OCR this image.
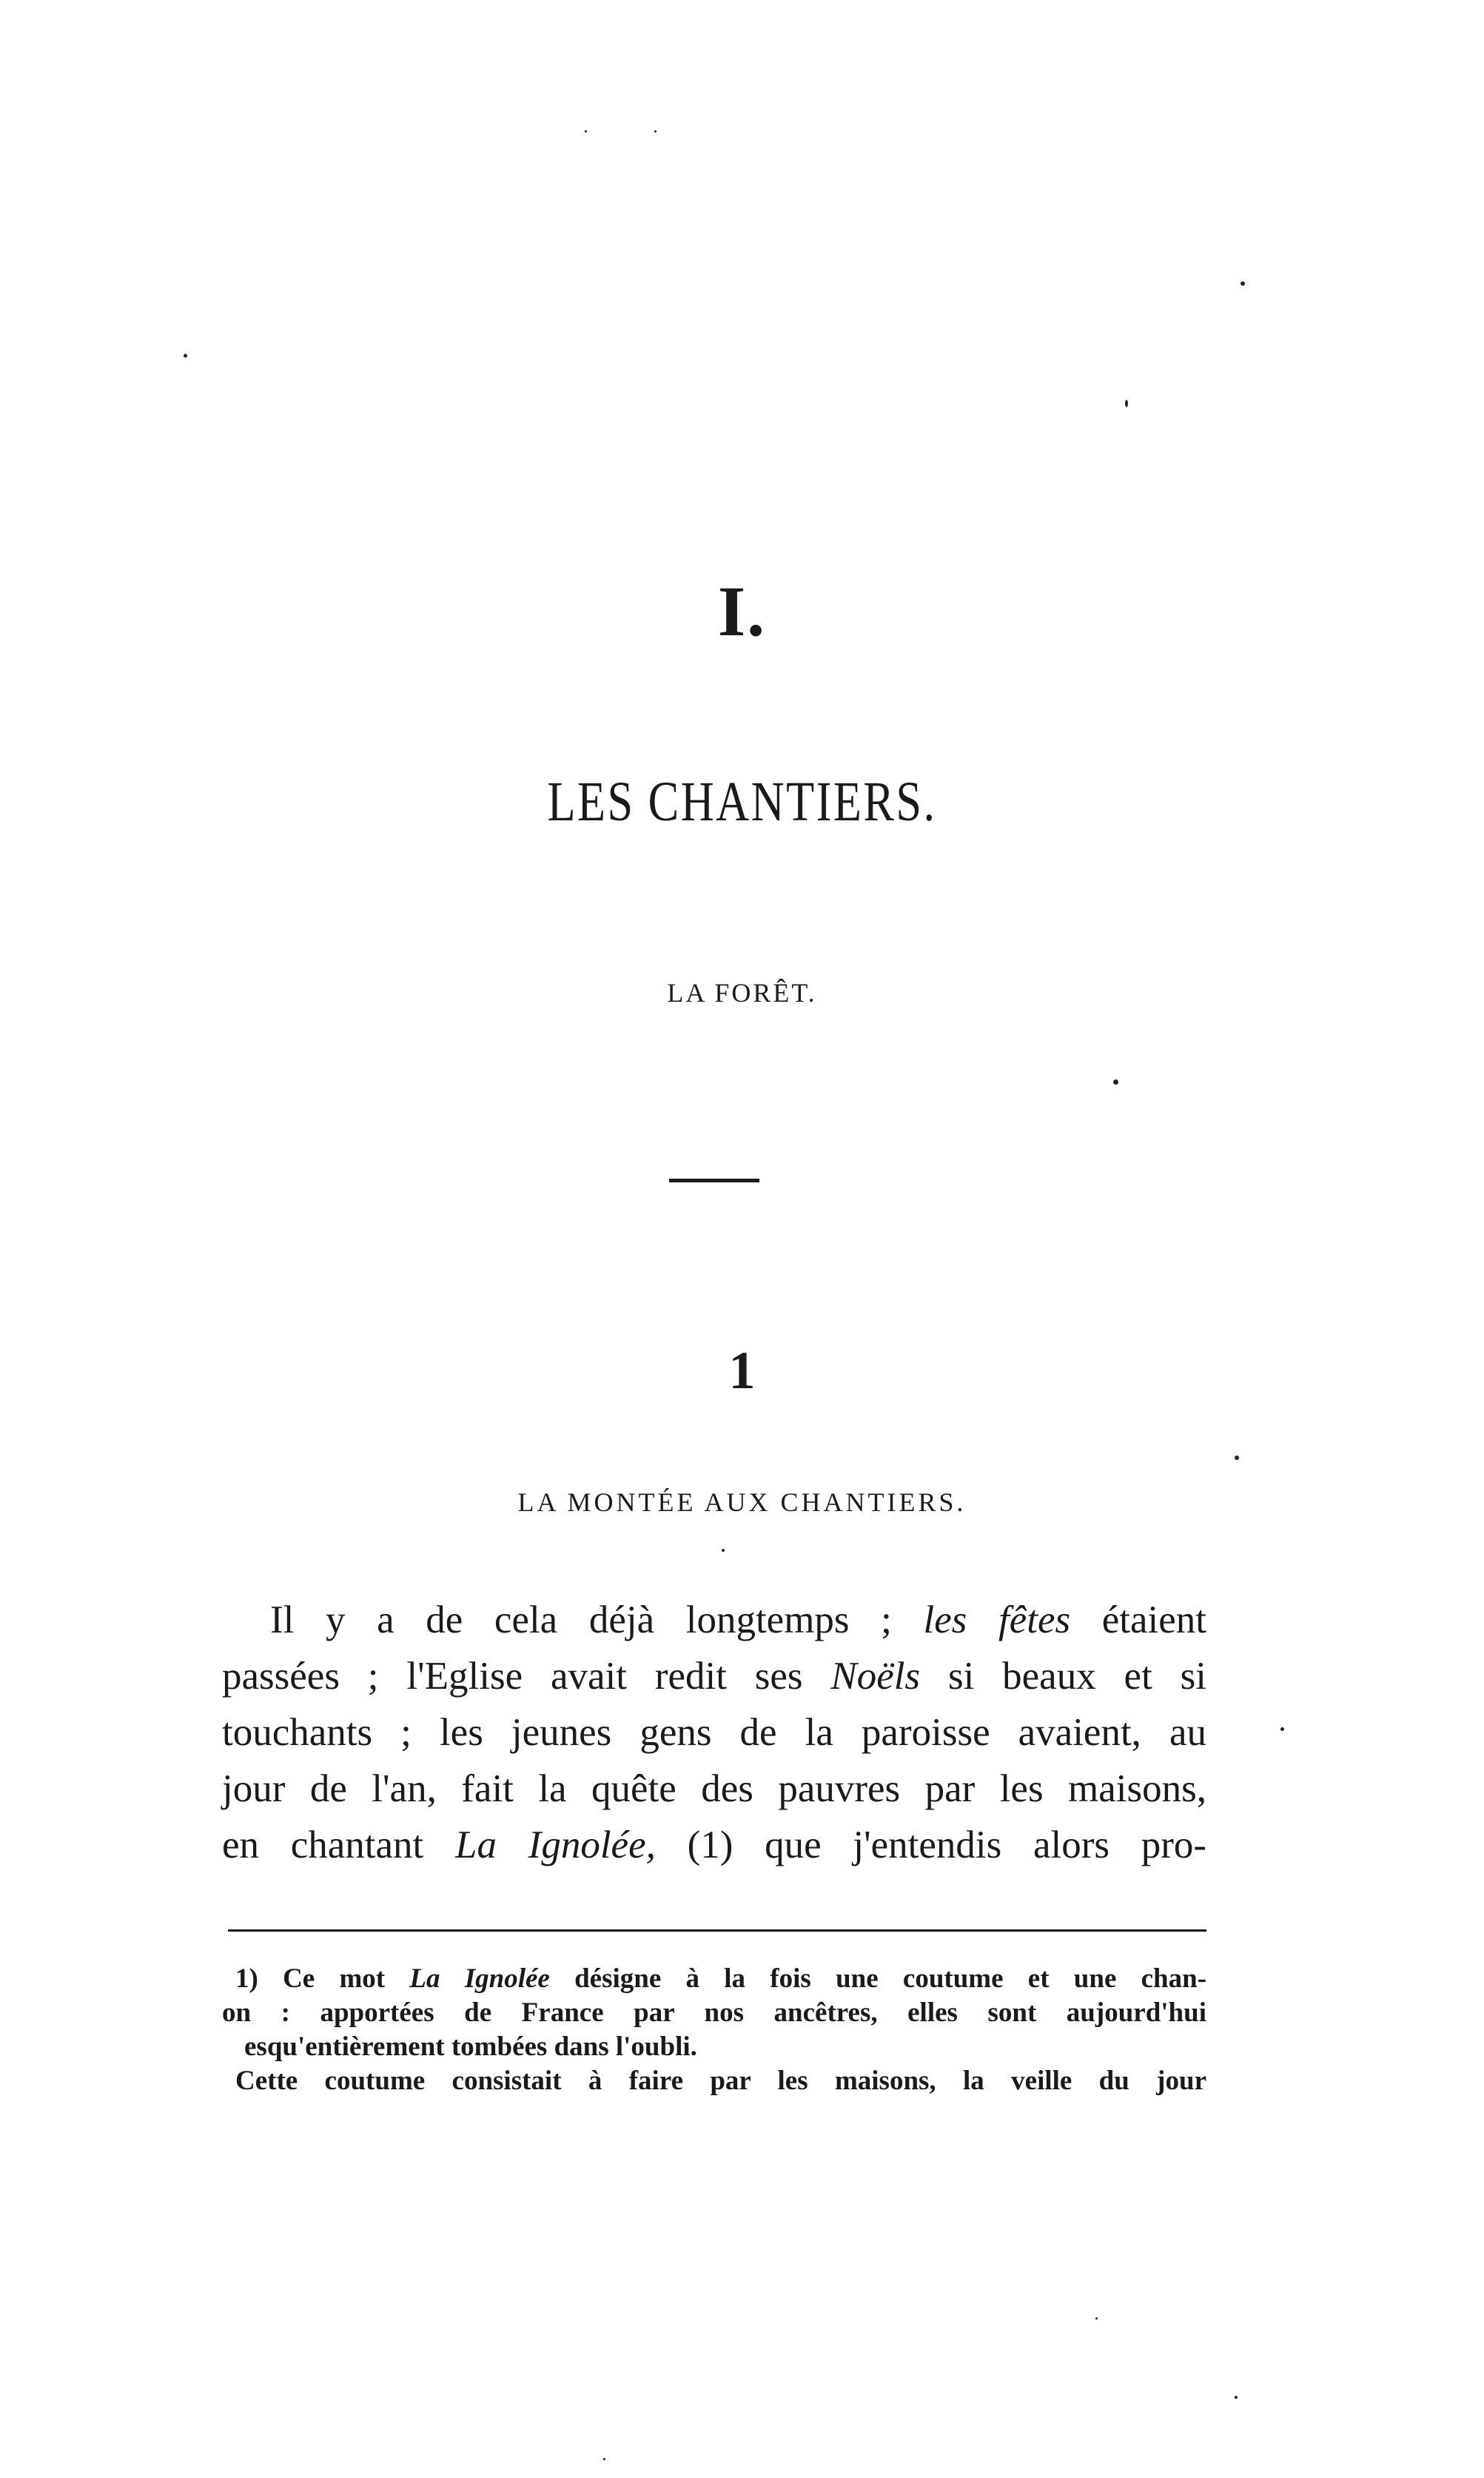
I.
LES CHANTIERS.
LA FORÊT.
1
LA MONTÉE AUX CHANTIERS.
Il y a de cela déjà longtemps ; les fêtes étaient
passées ; l'Eglise avait redit ses Noëls si beaux et si
touchants ; les jeunes gens de la paroisse avaient, au
jour de l'an, fait la quête des pauvres par les maisons,
en chantant La Ignolée, (1) que j'entendis alors pro-
1) Ce mot La Ignolée désigne à la fois une coutume et une chan-
on : apportées de France par nos ancêtres, elles sont aujourd'hui
esqu'entièrement tombées dans l'oubli.
Cette coutume consistait à faire par les maisons, la veille du jour
